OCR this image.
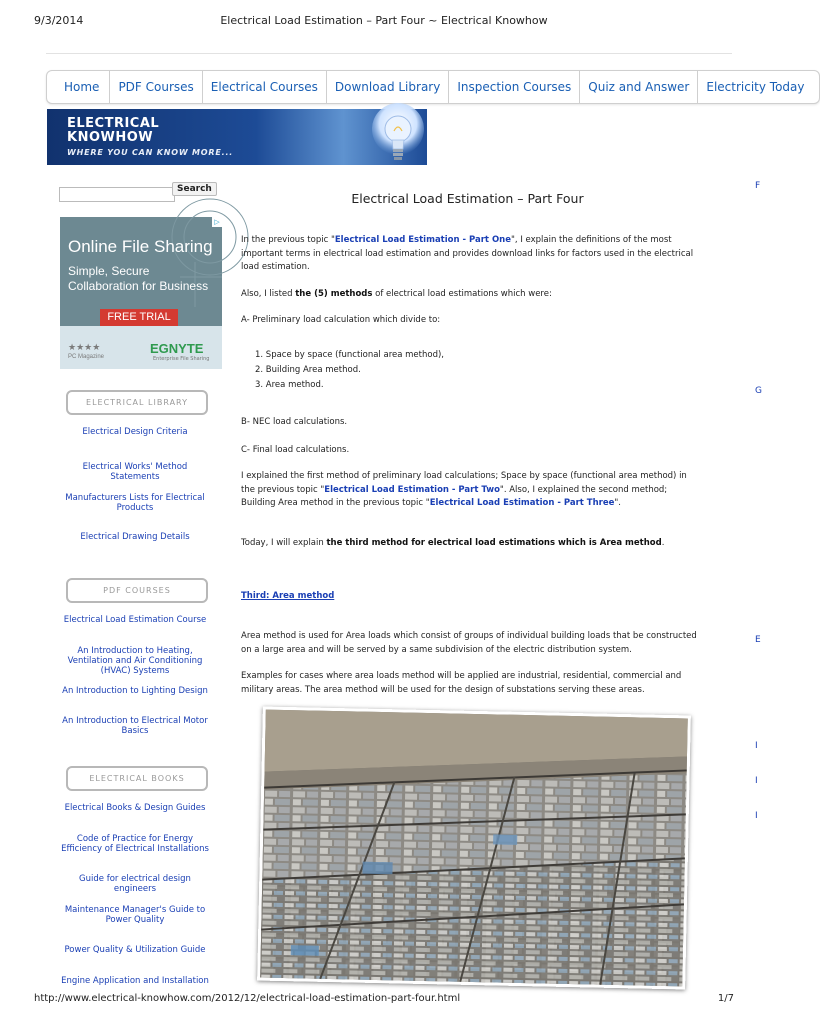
9/3/2014	Electrical Load Estimation – Part Four ~ Electrical Knowhow
Home	PDF Courses	Electrical Courses	Download Library	Inspection Courses	Quiz and Answer	Electricity Today
ELECTRICAL
KNOWHOW
WHERE YOU CAN KNOW MORE...
Search
▷
Online File Sharing
Simple, Secure Collaboration for Business
FREE TRIAL
★★★★
PC Magazine
EGNYTE
Enterprise File Sharing
ELECTRICAL LIBRARY
Electrical Design Criteria
Electrical Works' Method Statements
Manufacturers Lists for Electrical Products
Electrical Drawing Details
PDF COURSES
Electrical Load Estimation Course
An Introduction to Heating, Ventilation and Air Conditioning (HVAC) Systems
An Introduction to Lighting Design
An Introduction to Electrical Motor Basics
ELECTRICAL BOOKS
Electrical Books & Design Guides
Code of Practice for Energy Efficiency of Electrical Installations
Guide for electrical design engineers
Maintenance Manager's Guide to Power Quality
Power Quality & Utilization Guide
Engine Application and Installation
Electrical Load Estimation – Part Four

In the previous topic "Electrical Load Estimation - Part One", I explain the definitions of the most important terms in electrical load estimation and provides download links for factors used in the electrical load estimation.

Also, I listed the (5) methods of electrical load estimations which were:

A- Preliminary load calculation which divide to:

1. Space by space (functional area method),
2. Building Area method.
3. Area method.

B- NEC load calculations.

C- Final load calculations.

I explained the first method of preliminary load calculations; Space by space (functional area method) in the previous topic "Electrical Load Estimation - Part Two". Also, I explained the second method; Building Area method in the previous topic "Electrical Load Estimation - Part Three".

Today, I will explain the third method for electrical load estimations which is Area method.

Third: Area method

Area method is used for Area loads which consist of groups of individual building loads that be constructed on a large area and will be served by a same subdivision of the electric distribution system.

Examples for cases where area loads method will be applied are industrial, residential, commercial and military areas. The area method will be used for the design of substations serving these areas.

F
G
E
I
I
I
http://www.electrical-knowhow.com/2012/12/electrical-load-estimation-part-four.html	1/7
